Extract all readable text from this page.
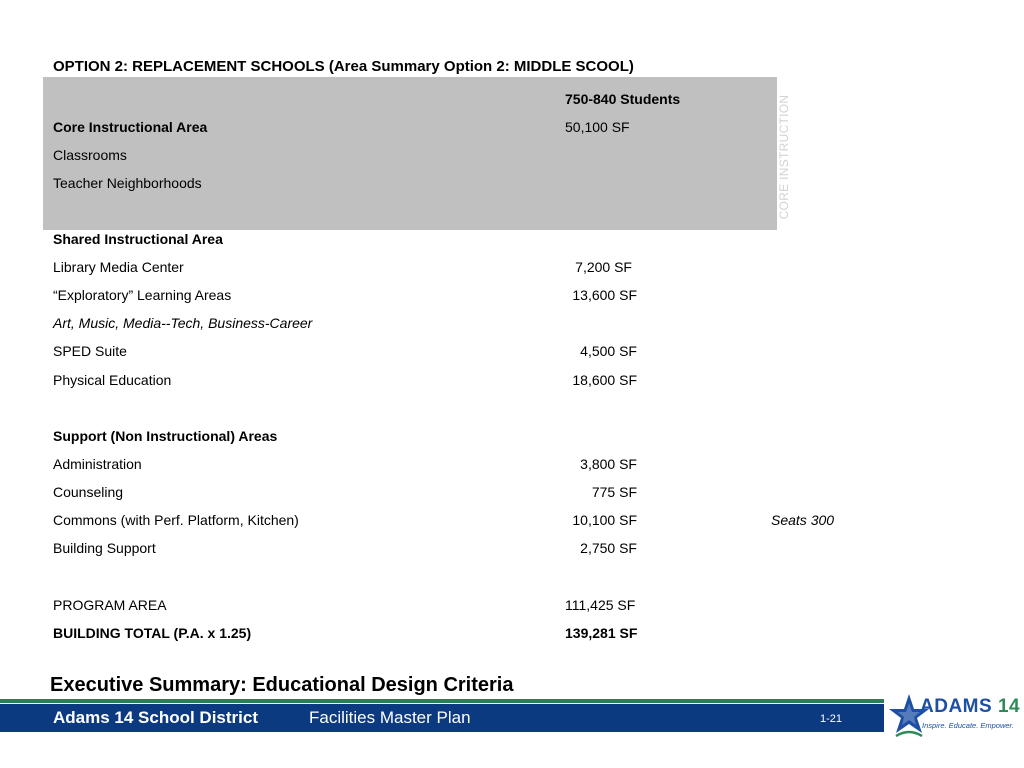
CORE INSTRUCTION
OPTION 2: REPLACEMENT SCHOOLS (Area Summary Option 2: MIDDLE SCOOL)
750-840 Students
Core Instructional Area	50,100 SF
Classrooms
Teacher Neighborhoods
Shared Instructional Area
Library Media Center	7,200 SF
“Exploratory” Learning Areas	13,600 SF
Art, Music, Media--Tech, Business-Career
SPED Suite	4,500 SF
Physical Education	18,600 SF
Support (Non Instructional) Areas
Administration	3,800 SF
Counseling	775 SF
Commons (with Perf. Platform, Kitchen)	10,100 SF	Seats 300
Building Support	2,750 SF
PROGRAM AREA	111,425 SF
BUILDING TOTAL (P.A. x 1.25)	139,281 SF
Executive Summary: Educational Design Criteria
Adams 14 School District	Facilities Master Plan	1-21
ADAMS 14
Inspire. Educate. Empower.
